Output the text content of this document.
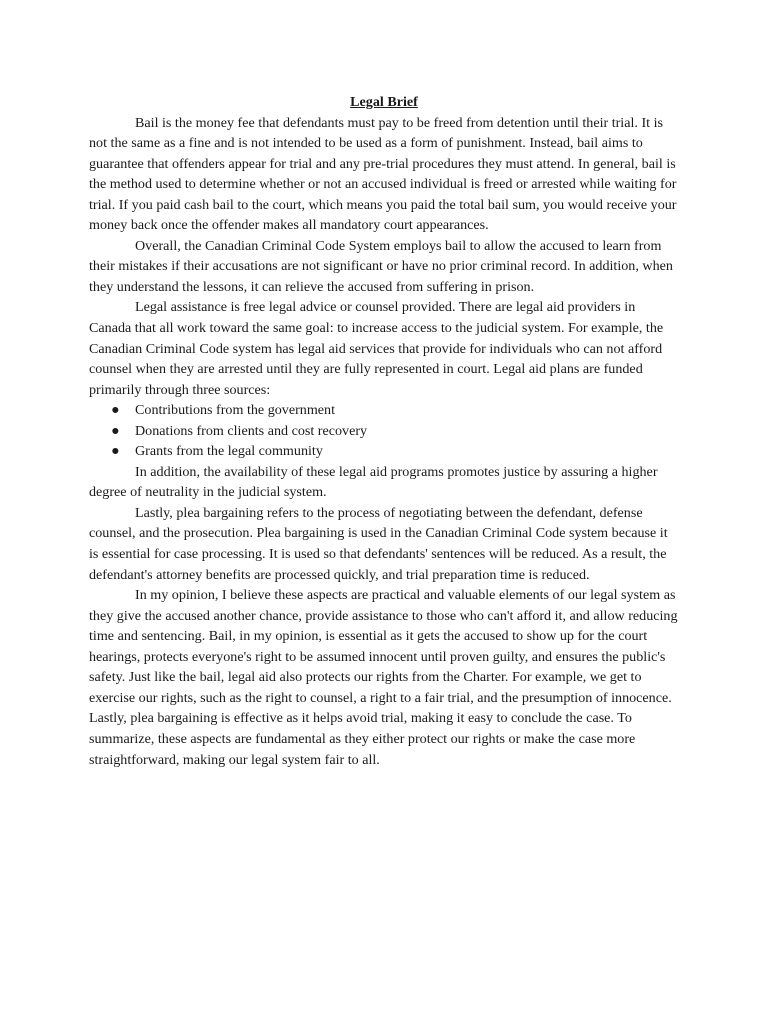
Legal Brief

Bail is the money fee that defendants must pay to be freed from detention until their trial. It is not the same as a fine and is not intended to be used as a form of punishment. Instead, bail aims to guarantee that offenders appear for trial and any pre-trial procedures they must attend. In general, bail is the method used to determine whether or not an accused individual is freed or arrested while waiting for trial. If you paid cash bail to the court, which means you paid the total bail sum, you would receive your money back once the offender makes all mandatory court appearances.

Overall, the Canadian Criminal Code System employs bail to allow the accused to learn from their mistakes if their accusations are not significant or have no prior criminal record. In addition, when they understand the lessons, it can relieve the accused from suffering in prison.

Legal assistance is free legal advice or counsel provided. There are legal aid providers in Canada that all work toward the same goal: to increase access to the judicial system. For example, the Canadian Criminal Code system has legal aid services that provide for individuals who can not afford counsel when they are arrested until they are fully represented in court. Legal aid plans are funded primarily through three sources:

● Contributions from the government
● Donations from clients and cost recovery
● Grants from the legal community

In addition, the availability of these legal aid programs promotes justice by assuring a higher degree of neutrality in the judicial system.

Lastly, plea bargaining refers to the process of negotiating between the defendant, defense counsel, and the prosecution. Plea bargaining is used in the Canadian Criminal Code system because it is essential for case processing. It is used so that defendants' sentences will be reduced. As a result, the defendant's attorney benefits are processed quickly, and trial preparation time is reduced.

In my opinion, I believe these aspects are practical and valuable elements of our legal system as they give the accused another chance, provide assistance to those who can't afford it, and allow reducing time and sentencing. Bail, in my opinion, is essential as it gets the accused to show up for the court hearings, protects everyone's right to be assumed innocent until proven guilty, and ensures the public's safety. Just like the bail, legal aid also protects our rights from the Charter. For example, we get to exercise our rights, such as the right to counsel, a right to a fair trial, and the presumption of innocence. Lastly, plea bargaining is effective as it helps avoid trial, making it easy to conclude the case. To summarize, these aspects are fundamental as they either protect our rights or make the case more straightforward, making our legal system fair to all.
